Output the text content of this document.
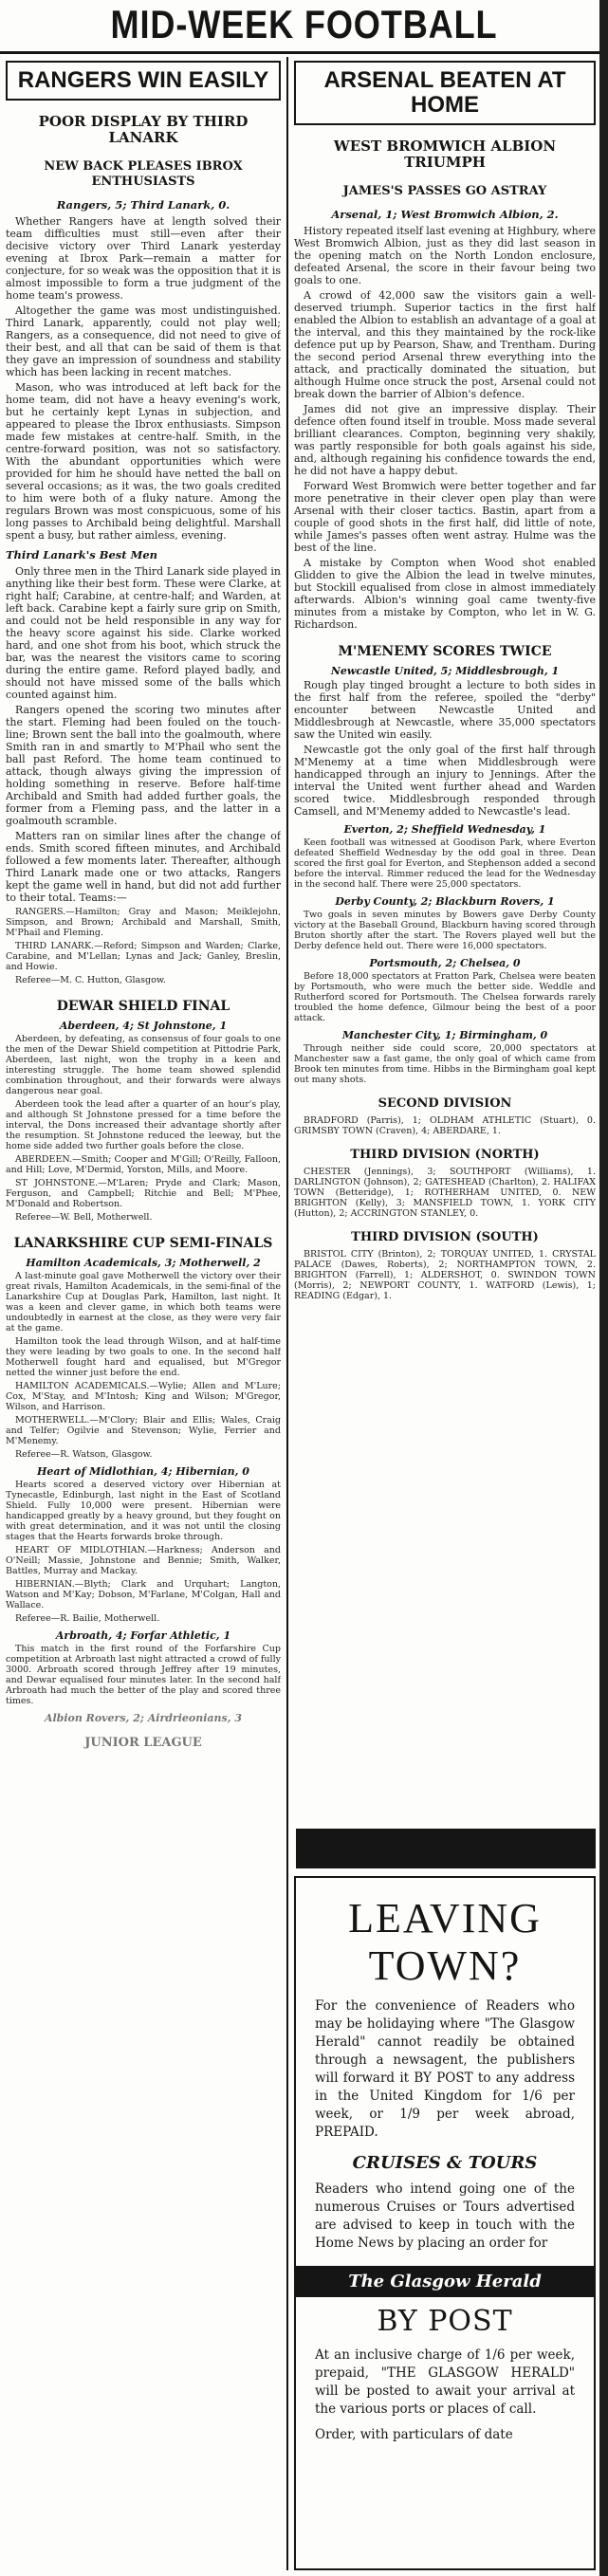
MID-WEEK FOOTBALL
RANGERS WIN EASILY
POOR DISPLAY BY THIRD LANARK
NEW BACK PLEASES IBROX ENTHUSIASTS
Rangers, 5; Third Lanark, 0.

Whether Rangers have at length solved their team difficulties must still—even after their decisive victory over Third Lanark yesterday evening at Ibrox Park—remain a matter for conjecture, for so weak was the opposition that it is almost impossible to form a true judgment of the home team's prowess.

Altogether the game was most undistinguished. Third Lanark, apparently, could not play well; Rangers, as a consequence, did not need to give of their best, and all that can be said of them is that they gave an impression of soundness and stability which has been lacking in recent matches.

Mason, who was introduced at left back for the home team, did not have a heavy evening's work, but he certainly kept Lynas in subjection, and appeared to please the Ibrox enthusiasts. Simpson made few mistakes at centre-half. Smith, in the centre-forward position, was not so satisfactory. With the abundant opportunities which were provided for him he should have netted the ball on several occasions; as it was, the two goals credited to him were both of a fluky nature. Among the regulars Brown was most conspicuous, some of his long passes to Archibald being delightful. Marshall spent a busy, but rather aimless, evening.

Third Lanark's Best Men

Only three men in the Third Lanark side played in anything like their best form. These were Clarke, at right half; Carabine, at centre-half; and Warden, at left back. Carabine kept a fairly sure grip on Smith, and could not be held responsible in any way for the heavy score against his side. Clarke worked hard, and one shot from his boot, which struck the bar, was the nearest the visitors came to scoring during the entire game. Reford played badly, and should not have missed some of the balls which counted against him.

Rangers opened the scoring two minutes after the start. Fleming had been fouled on the touch-line; Brown sent the ball into the goalmouth, where Smith ran in and smartly to M'Phail who sent the ball past Reford. The home team continued to attack, though always giving the impression of holding something in reserve. Before half-time Archibald and Smith had added further goals, the former from a Fleming pass, and the latter in a goalmouth scramble.

Matters ran on similar lines after the change of ends. Smith scored fifteen minutes, and Archibald followed a few moments later. Thereafter, although Third Lanark made one or two attacks, Rangers kept the game well in hand, but did not add further to their total. Teams:—

RANGERS.—Hamilton; Gray and Mason; Meiklejohn, Simpson, and Brown; Archibald and Marshall, Smith, M'Phail and Fleming.

THIRD LANARK.—Reford; Simpson and Warden; Clarke, Carabine, and M'Lellan; Lynas and Jack; Ganley, Breslin, and Howie.

Referee—M. C. Hutton, Glasgow.

DEWAR SHIELD FINAL
Aberdeen, 4; St Johnstone, 1

Aberdeen, by defeating, as consensus of four goals to one the men of the Dewar Shield competition at Pittodrie Park, Aberdeen, last night, won the trophy in a keen and interesting struggle. The home team showed splendid combination throughout, and their forwards were always dangerous near goal.

Aberdeen took the lead after a quarter of an hour's play, and although St Johnstone pressed for a time before the interval, the Dons increased their advantage shortly after the resumption. St Johnstone reduced the leeway, but the home side added two further goals before the close.

ABERDEEN.—Smith; Cooper and M'Gill; O'Reilly, Falloon, and Hill; Love, M'Dermid, Yorston, Mills, and Moore.

ST JOHNSTONE.—M'Laren; Pryde and Clark; Mason, Ferguson, and Campbell; Ritchie and Bell; M'Phee, M'Donald and Robertson.

Referee—W. Bell, Motherwell.

LANARKSHIRE CUP SEMI-FINALS
Hamilton Academicals, 3; Motherwell, 2

A last-minute goal gave Motherwell the victory over their great rivals, Hamilton Academicals, in the semi-final of the Lanarkshire Cup at Douglas Park, Hamilton, last night. It was a keen and clever game, in which both teams were undoubtedly in earnest at the close, as they were very fair at the game.

Hamilton took the lead through Wilson, and at half-time they were leading by two goals to one. In the second half Motherwell fought hard and equalised, but M'Gregor netted the winner just before the end.

HAMILTON ACADEMICALS.—Wylie; Allen and M'Lure; Cox, M'Stay, and M'Intosh; King and Wilson; M'Gregor, Wilson, and Harrison.

MOTHERWELL.—M'Clory; Blair and Ellis; Wales, Craig and Telfer; Ogilvie and Stevenson; Wylie, Ferrier and M'Menemy.

Referee—R. Watson, Glasgow.

Heart of Midlothian, 4; Hibernian, 0

Hearts scored a deserved victory over Hibernian at Tynecastle, Edinburgh, last night in the East of Scotland Shield. Fully 10,000 were present. Hibernian were handicapped greatly by a heavy ground, but they fought on with great determination, and it was not until the closing stages that the Hearts forwards broke through.

HEART OF MIDLOTHIAN.—Harkness; Anderson and O'Neill; Massie, Johnstone and Bennie; Smith, Walker, Battles, Murray and Mackay.

HIBERNIAN.—Blyth; Clark and Urquhart; Langton, Watson and M'Kay; Dobson, M'Farlane, M'Colgan, Hall and Wallace.

Referee—R. Bailie, Motherwell.

Arbroath, 4; Forfar Athletic, 1

This match in the first round of the Forfarshire Cup competition at Arbroath last night attracted a crowd of fully 3000. Arbroath scored through Jeffrey after 19 minutes, and Dewar equalised four minutes later. In the second half Arbroath had much the better of the play and scored three times.

Albion Rovers, 2; Airdrieonians, 3
JUNIOR LEAGUE
ARSENAL BEATEN AT HOME
WEST BROMWICH ALBION TRIUMPH
JAMES'S PASSES GO ASTRAY
Arsenal, 1; West Bromwich Albion, 2.

History repeated itself last evening at Highbury, where West Bromwich Albion, just as they did last season in the opening match on the North London enclosure, defeated Arsenal, the score in their favour being two goals to one.

A crowd of 42,000 saw the visitors gain a well-deserved triumph. Superior tactics in the first half enabled the Albion to establish an advantage of a goal at the interval, and this they maintained by the rock-like defence put up by Pearson, Shaw, and Trentham. During the second period Arsenal threw everything into the attack, and practically dominated the situation, but although Hulme once struck the post, Arsenal could not break down the barrier of Albion's defence.

James did not give an impressive display. Their defence often found itself in trouble. Moss made several brilliant clearances. Compton, beginning very shakily, was partly responsible for both goals against his side, and, although regaining his confidence towards the end, he did not have a happy debut.

Forward West Bromwich were better together and far more penetrative in their clever open play than were Arsenal with their closer tactics. Bastin, apart from a couple of good shots in the first half, did little of note, while James's passes often went astray. Hulme was the best of the line.

A mistake by Compton when Wood shot enabled Glidden to give the Albion the lead in twelve minutes, but Stockill equalised from close in almost immediately afterwards. Albion's winning goal came twenty-five minutes from a mistake by Compton, who let in W. G. Richardson.

M'MENEMY SCORES TWICE
Newcastle United, 5; Middlesbrough, 1

Rough play tinged brought a lecture to both sides in the first half from the referee, spoiled the "derby" encounter between Newcastle United and Middlesbrough at Newcastle, where 35,000 spectators saw the United win easily.

Newcastle got the only goal of the first half through M'Menemy at a time when Middlesbrough were handicapped through an injury to Jennings. After the interval the United went further ahead and Warden scored twice. Middlesbrough responded through Camsell, and M'Menemy added to Newcastle's lead.

Everton, 2; Sheffield Wednesday, 1

Keen football was witnessed at Goodison Park, where Everton defeated Sheffield Wednesday by the odd goal in three. Dean scored the first goal for Everton, and Stephenson added a second before the interval. Rimmer reduced the lead for the Wednesday in the second half. There were 25,000 spectators.

Derby County, 2; Blackburn Rovers, 1

Two goals in seven minutes by Bowers gave Derby County victory at the Baseball Ground, Blackburn having scored through Bruton shortly after the start. The Rovers played well but the Derby defence held out. There were 16,000 spectators.

Portsmouth, 2; Chelsea, 0

Before 18,000 spectators at Fratton Park, Chelsea were beaten by Portsmouth, who were much the better side. Weddle and Rutherford scored for Portsmouth. The Chelsea forwards rarely troubled the home defence, Gilmour being the best of a poor attack.

Manchester City, 1; Birmingham, 0

Through neither side could score, 20,000 spectators at Manchester saw a fast game, the only goal of which came from Brook ten minutes from time. Hibbs in the Birmingham goal kept out many shots.

SECOND DIVISION

BRADFORD (Parris), 1; OLDHAM ATHLETIC (Stuart), 0. GRIMSBY TOWN (Craven), 4; ABERDARE, 1.

THIRD DIVISION (NORTH)

CHESTER (Jennings), 3; SOUTHPORT (Williams), 1. DARLINGTON (Johnson), 2; GATESHEAD (Charlton), 2. HALIFAX TOWN (Betteridge), 1; ROTHERHAM UNITED, 0. NEW BRIGHTON (Kelly), 3; MANSFIELD TOWN, 1. YORK CITY (Hutton), 2; ACCRINGTON STANLEY, 0.

THIRD DIVISION (SOUTH)

BRISTOL CITY (Brinton), 2; TORQUAY UNITED, 1. CRYSTAL PALACE (Dawes, Roberts), 2; NORTHAMPTON TOWN, 2. BRIGHTON (Farrell), 1; ALDERSHOT, 0. SWINDON TOWN (Morris), 2; NEWPORT COUNTY, 1. WATFORD (Lewis), 1; READING (Edgar), 1.

LEAVING
TOWN?
For the convenience of Readers who may be holidaying where "The Glasgow Herald" cannot readily be obtained through a newsagent, the publishers will forward it BY POST to any address in the United Kingdom for 1/6 per week, or 1/9 per week abroad, PREPAID.
CRUISES & TOURS
Readers who intend going one of the numerous Cruises or Tours advertised are advised to keep in touch with the Home News by placing an order for
The Glasgow Herald
BY POST
At an inclusive charge of 1/6 per week, prepaid, "THE GLASGOW HERALD" will be posted to await your arrival at the various ports or places of call.
Order, with particulars of date
